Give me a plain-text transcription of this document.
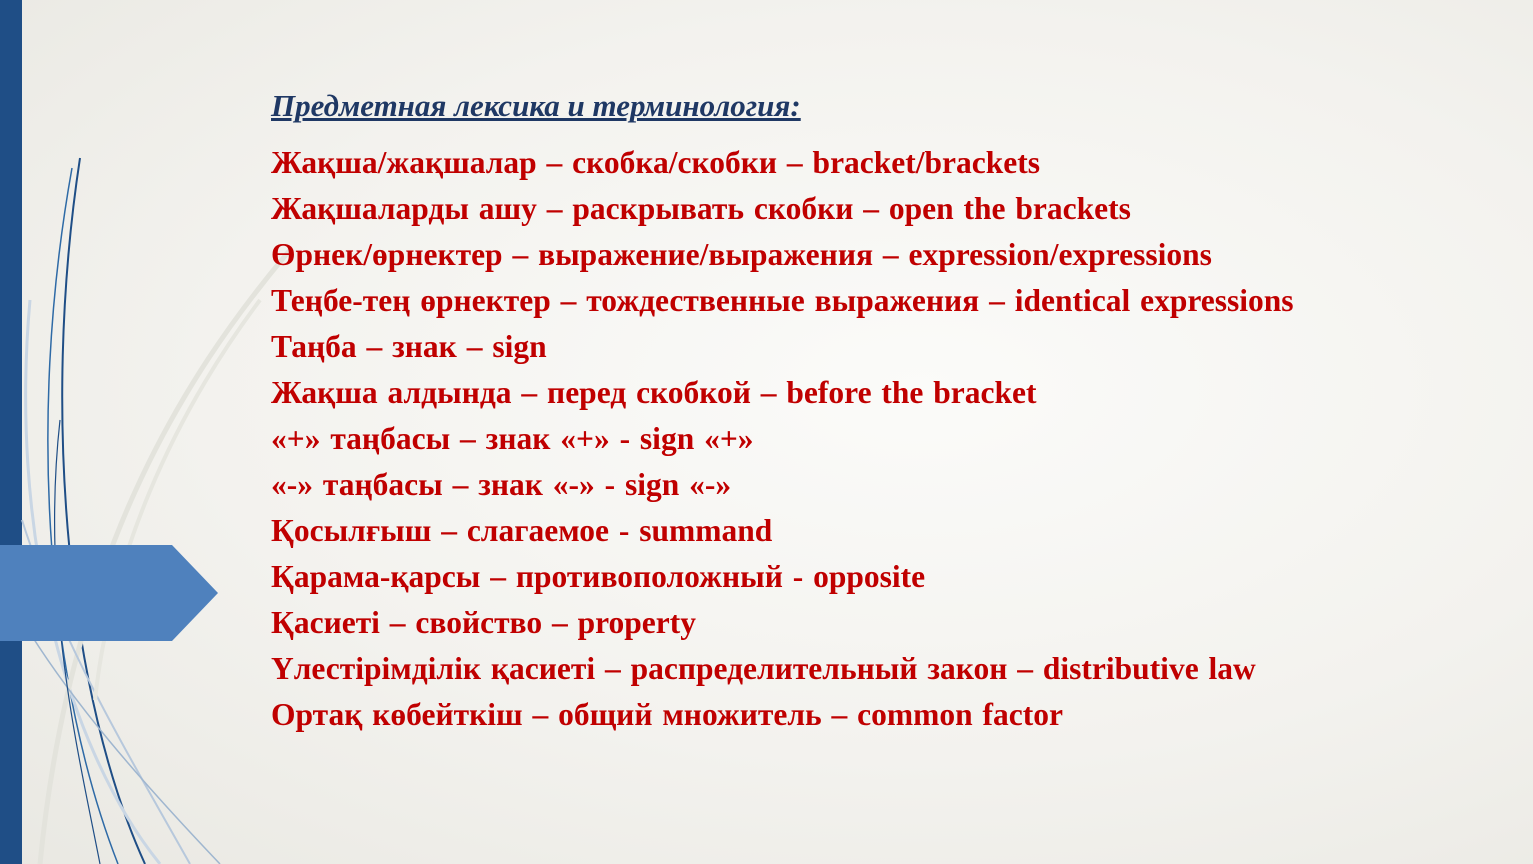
Предметная лексика и терминология:
Жақша/жақшалар – скобка/скобки – bracket/brackets
Жақшаларды ашу – раскрывать скобки – open the brackets
Өрнек/өрнектер – выражение/выражения – expression/expressions
Теңбе-тең өрнектер – тождественные выражения – identical expressions
Таңба – знак – sign
Жақша алдында – перед скобкой – before the bracket
«+» таңбасы – знак «+» - sign «+»
«-» таңбасы – знак «-» - sign «-»
Қосылғыш – слагаемое - summand
Қарама-қарсы – противоположный - opposite
Қасиеті – свойство – property
Үлестірімділік қасиеті – распределительный закон – distributive law
Ортақ көбейткіш – общий множитель – common factor
